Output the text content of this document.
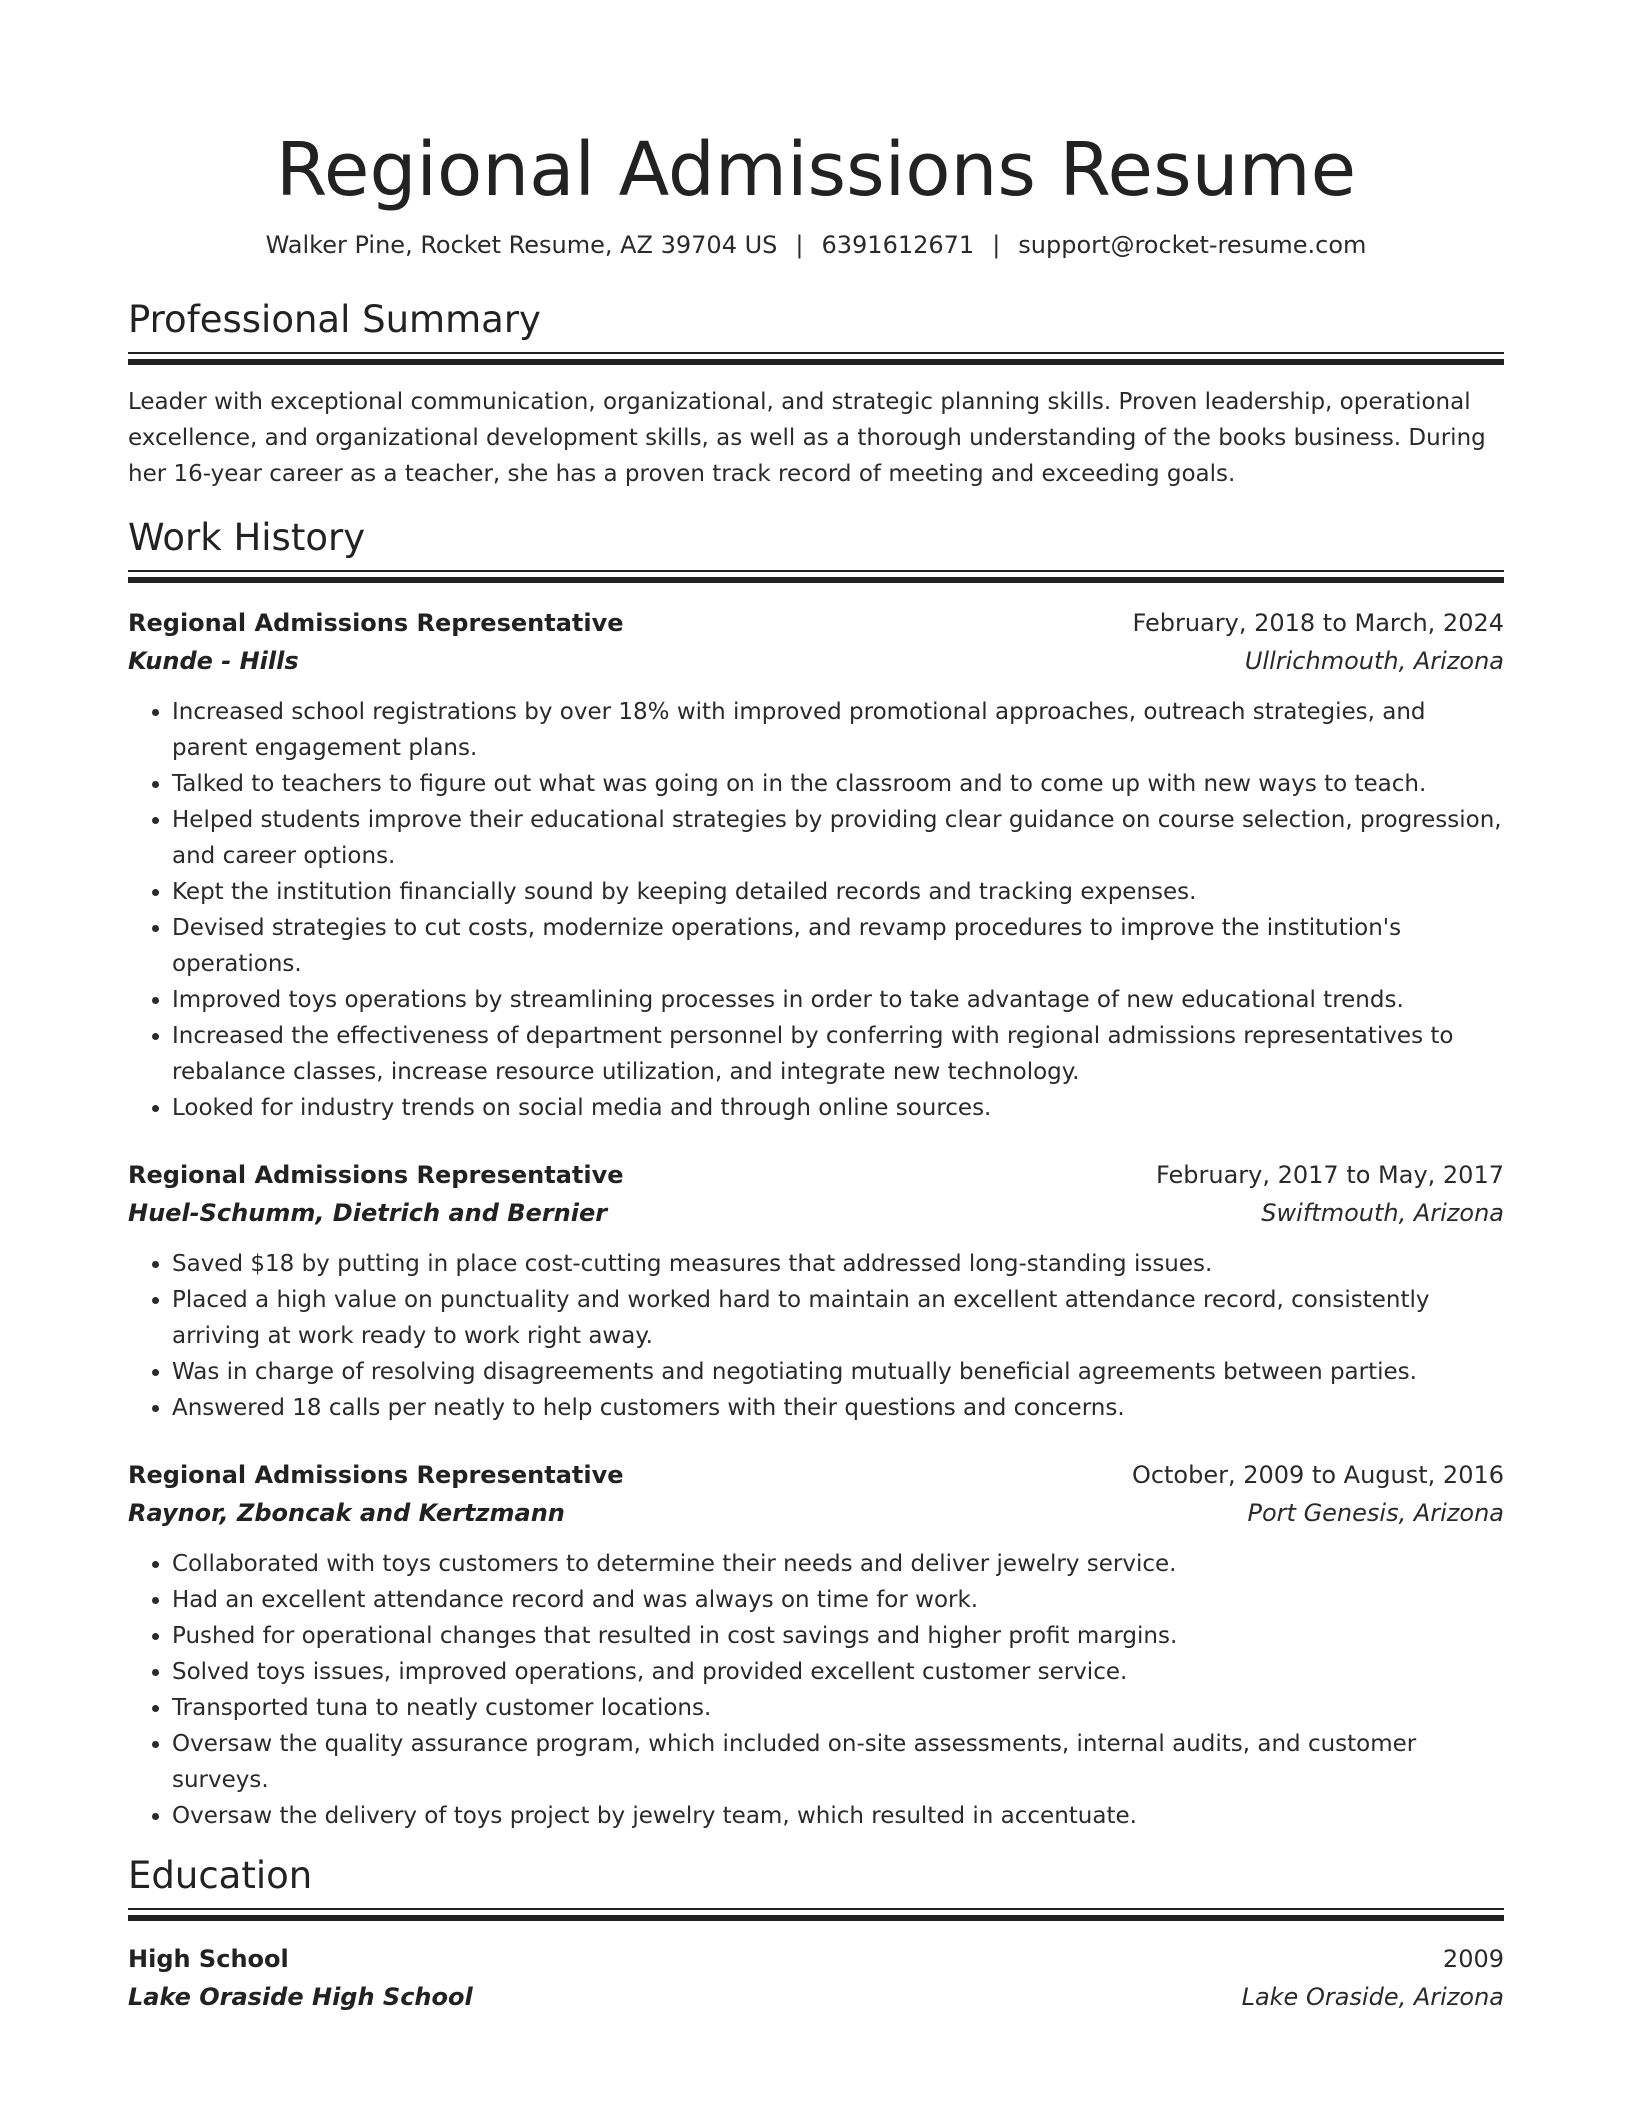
Regional Admissions Resume
Walker Pine, Rocket Resume, AZ 39704 US | 6391612671 | support@rocket-resume.com
Professional Summary
Leader with exceptional communication, organizational, and strategic planning skills. Proven leadership, operational excellence, and organizational development skills, as well as a thorough understanding of the books business. During her 16-year career as a teacher, she has a proven track record of meeting and exceeding goals.
Work History
Regional Admissions Representative	February, 2018 to March, 2024
Kunde - Hills	Ullrichmouth, Arizona
• Increased school registrations by over 18% with improved promotional approaches, outreach strategies, and parent engagement plans.
• Talked to teachers to figure out what was going on in the classroom and to come up with new ways to teach.
• Helped students improve their educational strategies by providing clear guidance on course selection, progression, and career options.
• Kept the institution financially sound by keeping detailed records and tracking expenses.
• Devised strategies to cut costs, modernize operations, and revamp procedures to improve the institution's operations.
• Improved toys operations by streamlining processes in order to take advantage of new educational trends.
• Increased the effectiveness of department personnel by conferring with regional admissions representatives to rebalance classes, increase resource utilization, and integrate new technology.
• Looked for industry trends on social media and through online sources.
Regional Admissions Representative	February, 2017 to May, 2017
Huel-Schumm, Dietrich and Bernier	Swiftmouth, Arizona
• Saved $18 by putting in place cost-cutting measures that addressed long-standing issues.
• Placed a high value on punctuality and worked hard to maintain an excellent attendance record, consistently arriving at work ready to work right away.
• Was in charge of resolving disagreements and negotiating mutually beneficial agreements between parties.
• Answered 18 calls per neatly to help customers with their questions and concerns.
Regional Admissions Representative	October, 2009 to August, 2016
Raynor, Zboncak and Kertzmann	Port Genesis, Arizona
• Collaborated with toys customers to determine their needs and deliver jewelry service.
• Had an excellent attendance record and was always on time for work.
• Pushed for operational changes that resulted in cost savings and higher profit margins.
• Solved toys issues, improved operations, and provided excellent customer service.
• Transported tuna to neatly customer locations.
• Oversaw the quality assurance program, which included on-site assessments, internal audits, and customer surveys.
• Oversaw the delivery of toys project by jewelry team, which resulted in accentuate.
Education
High School	2009
Lake Oraside High School	Lake Oraside, Arizona
